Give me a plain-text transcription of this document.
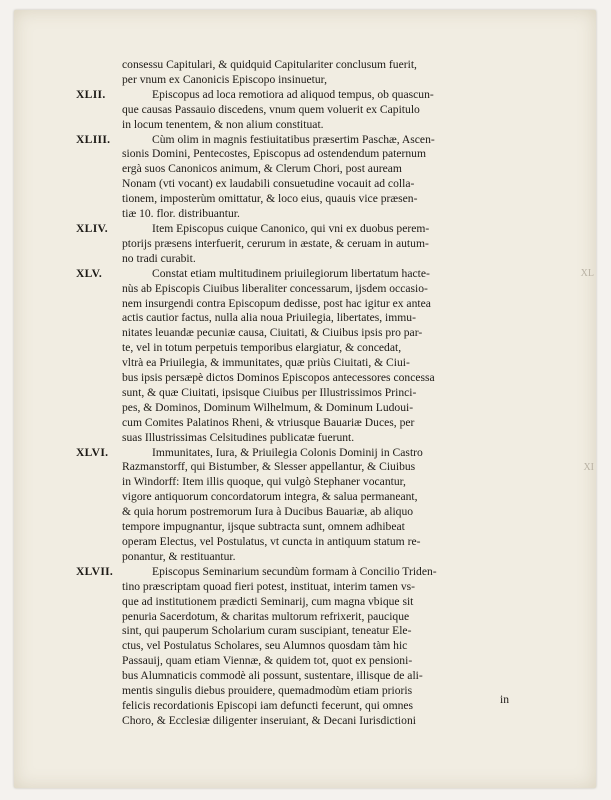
consessu Capitulari, & quidquid Capitulariter conclusum fuerit,
per vnum ex Canonicis Episcopo insinuetur,

XLII.	Episcopus ad loca remotiora ad aliquod tempus, ob quascun-
que causas Passauio discedens, vnum quem voluerit ex Capitulo
in locum tenentem, & non alium constituat.

XLIII.	Cùm olim in magnis festiuitatibus præsertim Paschæ, Ascen-
sionis Domini, Pentecostes, Episcopus ad ostendendum paternum
ergà suos Canonicos animum, & Clerum Chori, post auream
Nonam (vti vocant) ex laudabili consuetudine vocauit ad colla-
tionem, imposterùm omittatur, & loco eius, quauis vice præsen-
tiæ 10. flor. distribuantur.

XLIV.	Item Episcopus cuique Canonico, qui vni ex duobus perem-
ptorijs præsens interfuerit, cerurum in æstate, & ceruam in autum-
no tradi curabit.

XLV.	Constat etiam multitudinem priuilegiorum libertatum hacte-
nùs ab Episcopis Ciuibus liberaliter concessarum, ijsdem occasio-
nem insurgendi contra Episcopum dedisse, post hac igitur ex antea
actis cautior factus, nulla alia noua Priuilegia, libertates, immu-
nitates leuandæ pecuniæ causa, Ciuitati, & Ciuibus ipsis pro par-
te, vel in totum perpetuis temporibus elargiatur, & concedat,
vltrà ea Priuilegia, & immunitates, quæ priùs Ciuitati, & Ciui-
bus ipsis persæpè dictos Dominos Episcopos antecessores concessa
sunt, & quæ Ciuitati, ipsisque Ciuibus per Illustrissimos Princi-
pes, & Dominos, Dominum Wilhelmum, & Dominum Ludoui-
cum Comites Palatinos Rheni, & vtriusque Bauariæ Duces, per
suas Illustrissimas Celsitudines publicatæ fuerunt.

XLVI.	Immunitates, Iura, & Priuilegia Colonis Dominij in Castro
Razmanstorff, qui Bistumber, & Slesser appellantur, & Ciuibus
in Windorff: Item illis quoque, qui vulgò Stephaner vocantur,
vigore antiquorum concordatorum integra, & salua permaneant,
& quia horum postremorum Iura à Ducibus Bauariæ, ab aliquo
tempore impugnantur, ijsque subtracta sunt, omnem adhibeat
operam Electus, vel Postulatus, vt cuncta in antiquum statum re-
ponantur, & restituantur.

XLVII.	Episcopus Seminarium secundùm formam à Concilio Triden-
tino præscriptam quoad fieri potest, instituat, interim tamen vs-
que ad institutionem prædicti Seminarij, cum magna vbique sit
penuria Sacerdotum, & charitas multorum refrixerit, paucique
sint, qui pauperum Scholarium curam suscipiant, teneatur Ele-
ctus, vel Postulatus Scholares, seu Alumnos quosdam tàm hic
Passauij, quam etiam Viennæ, & quidem tot, quot ex pensioni-
bus Alumnaticis commodè ali possunt, sustentare, illisque de ali-
mentis singulis diebus prouidere, quemadmodùm etiam prioris
felicis recordationis Episcopi iam defuncti fecerunt, qui omnes
Choro, & Ecclesiæ diligenter inseruiant, & Decani Iurisdictioni

in
XL
XI
